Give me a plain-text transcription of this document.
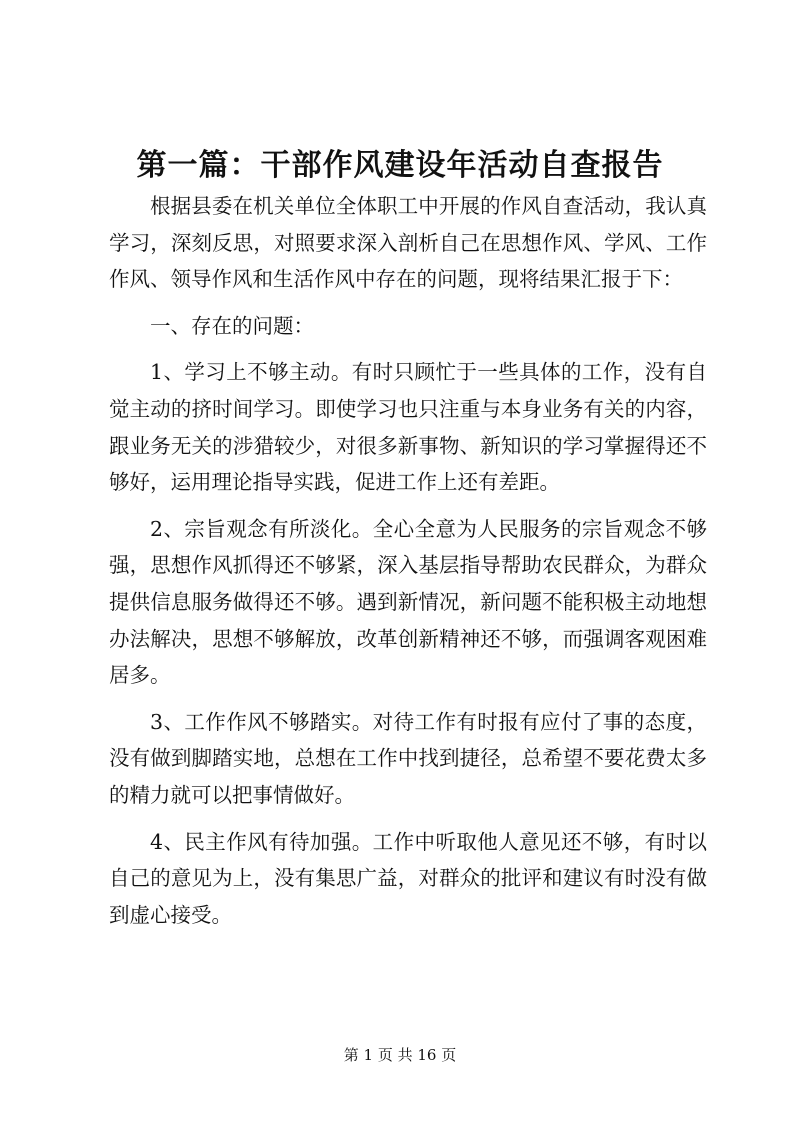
第一篇：干部作风建设年活动自查报告

根据县委在机关单位全体职工中开展的作风自查活动，我认真学习，深刻反思，对照要求深入剖析自己在思想作风、学风、工作作风、领导作风和生活作风中存在的问题，现将结果汇报于下：

一、存在的问题：

1、学习上不够主动。有时只顾忙于一些具体的工作，没有自觉主动的挤时间学习。即使学习也只注重与本身业务有关的内容，跟业务无关的涉猎较少，对很多新事物、新知识的学习掌握得还不够好，运用理论指导实践，促进工作上还有差距。

2、宗旨观念有所淡化。全心全意为人民服务的宗旨观念不够强，思想作风抓得还不够紧，深入基层指导帮助农民群众，为群众提供信息服务做得还不够。遇到新情况，新问题不能积极主动地想办法解决，思想不够解放，改革创新精神还不够，而强调客观困难居多。

3、工作作风不够踏实。对待工作有时报有应付了事的态度，没有做到脚踏实地，总想在工作中找到捷径，总希望不要花费太多的精力就可以把事情做好。

4、民主作风有待加强。工作中听取他人意见还不够，有时以自己的意见为上，没有集思广益，对群众的批评和建议有时没有做到虚心接受。

第 1 页 共 16 页
